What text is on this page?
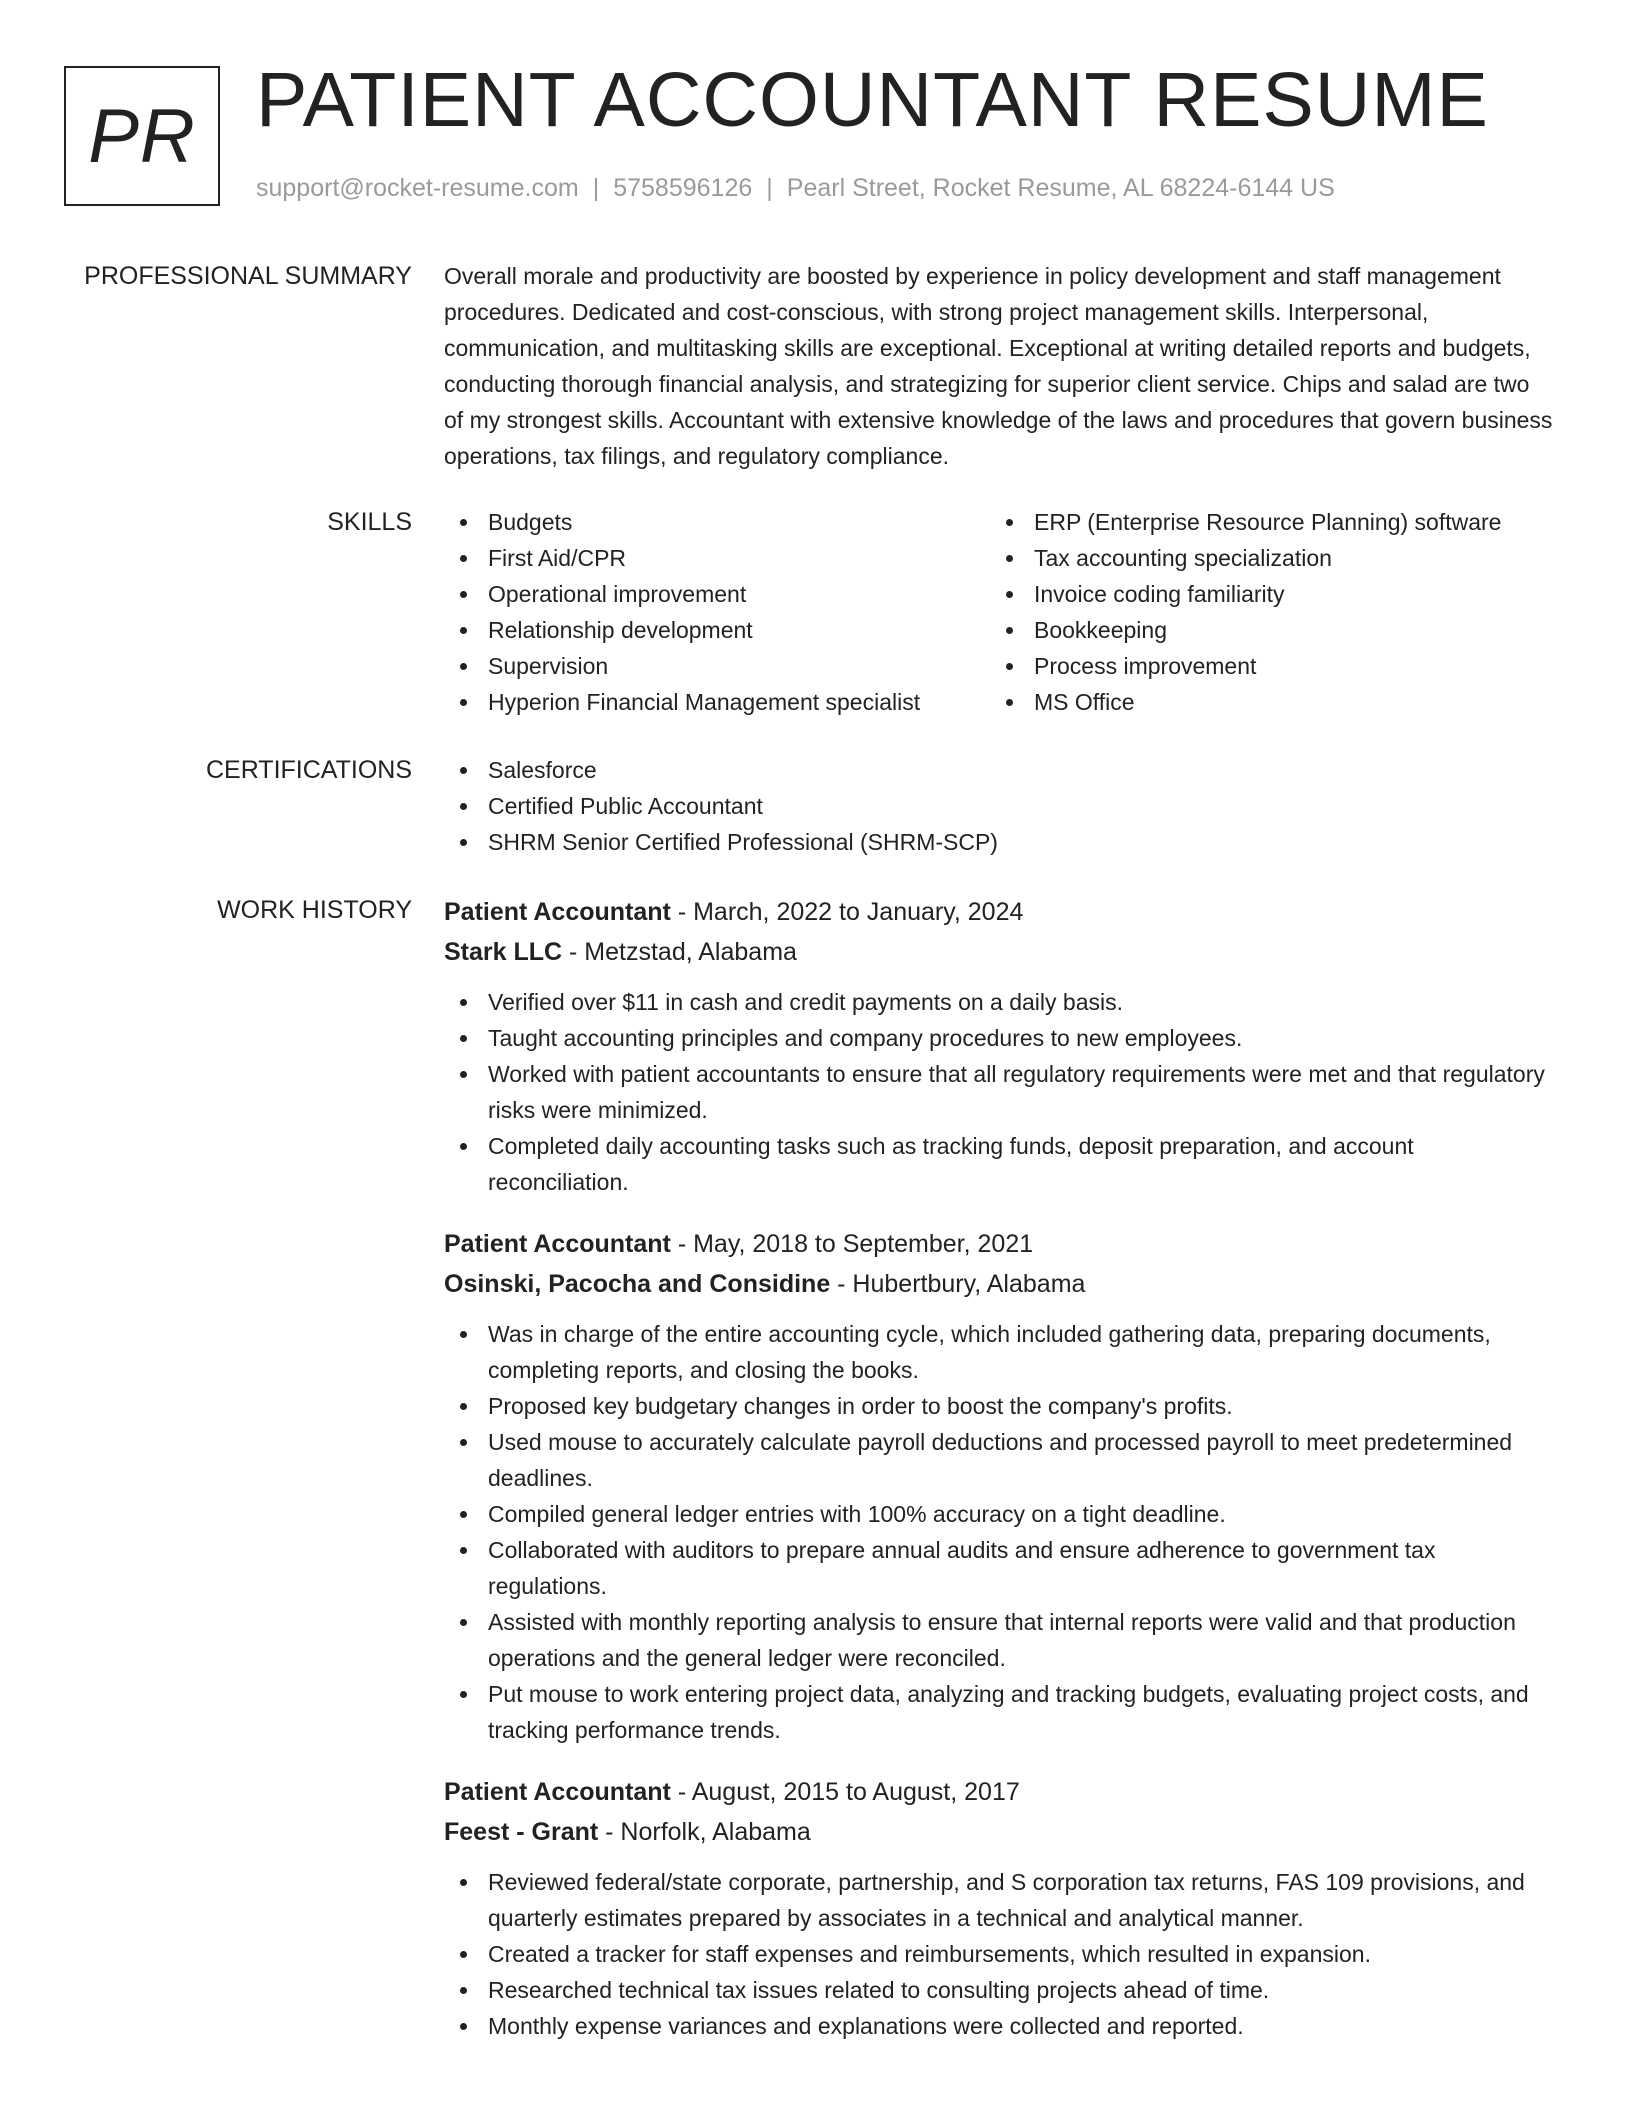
PR PATIENT ACCOUNTANT RESUME
support@rocket-resume.com | 5758596126 | Pearl Street, Rocket Resume, AL 68224-6144 US
PROFESSIONAL SUMMARY Overall morale and productivity are boosted by experience in policy development and staff management procedures. Dedicated and cost-conscious, with strong project management skills. Interpersonal, communication, and multitasking skills are exceptional. Exceptional at writing detailed reports and budgets, conducting thorough financial analysis, and strategizing for superior client service. Chips and salad are two of my strongest skills. Accountant with extensive knowledge of the laws and procedures that govern business operations, tax filings, and regulatory compliance.

SKILLS	Budgets
First Aid/CPR
Operational improvement
Relationship development
Supervision
Hyperion Financial Management specialist
ERP (Enterprise Resource Planning) software
Tax accounting specialization
Invoice coding familiarity
Bookkeeping
Process improvement
MS Office
CERTIFICATIONS	Salesforce
Certified Public Accountant
SHRM Senior Certified Professional (SHRM-SCP)
WORK HISTORY Patient Accountant - March, 2022 to January, 2024
Stark LLC - Metzstad, Alabama
Verified over $11 in cash and credit payments on a daily basis.
Taught accounting principles and company procedures to new employees.
Worked with patient accountants to ensure that all regulatory requirements were met and that regulatory risks were minimized.
Completed daily accounting tasks such as tracking funds, deposit preparation, and account reconciliation.
Patient Accountant - May, 2018 to September, 2021
Osinski, Pacocha and Considine - Hubertbury, Alabama
Was in charge of the entire accounting cycle, which included gathering data, preparing documents, completing reports, and closing the books.
Proposed key budgetary changes in order to boost the company's profits.
Used mouse to accurately calculate payroll deductions and processed payroll to meet predetermined deadlines.
Compiled general ledger entries with 100% accuracy on a tight deadline.
Collaborated with auditors to prepare annual audits and ensure adherence to government tax regulations.
Assisted with monthly reporting analysis to ensure that internal reports were valid and that production operations and the general ledger were reconciled.
Put mouse to work entering project data, analyzing and tracking budgets, evaluating project costs, and tracking performance trends.
Patient Accountant - August, 2015 to August, 2017
Feest - Grant - Norfolk, Alabama
Reviewed federal/state corporate, partnership, and S corporation tax returns, FAS 109 provisions, and quarterly estimates prepared by associates in a technical and analytical manner.
Created a tracker for staff expenses and reimbursements, which resulted in expansion.
Researched technical tax issues related to consulting projects ahead of time.
Monthly expense variances and explanations were collected and reported.
